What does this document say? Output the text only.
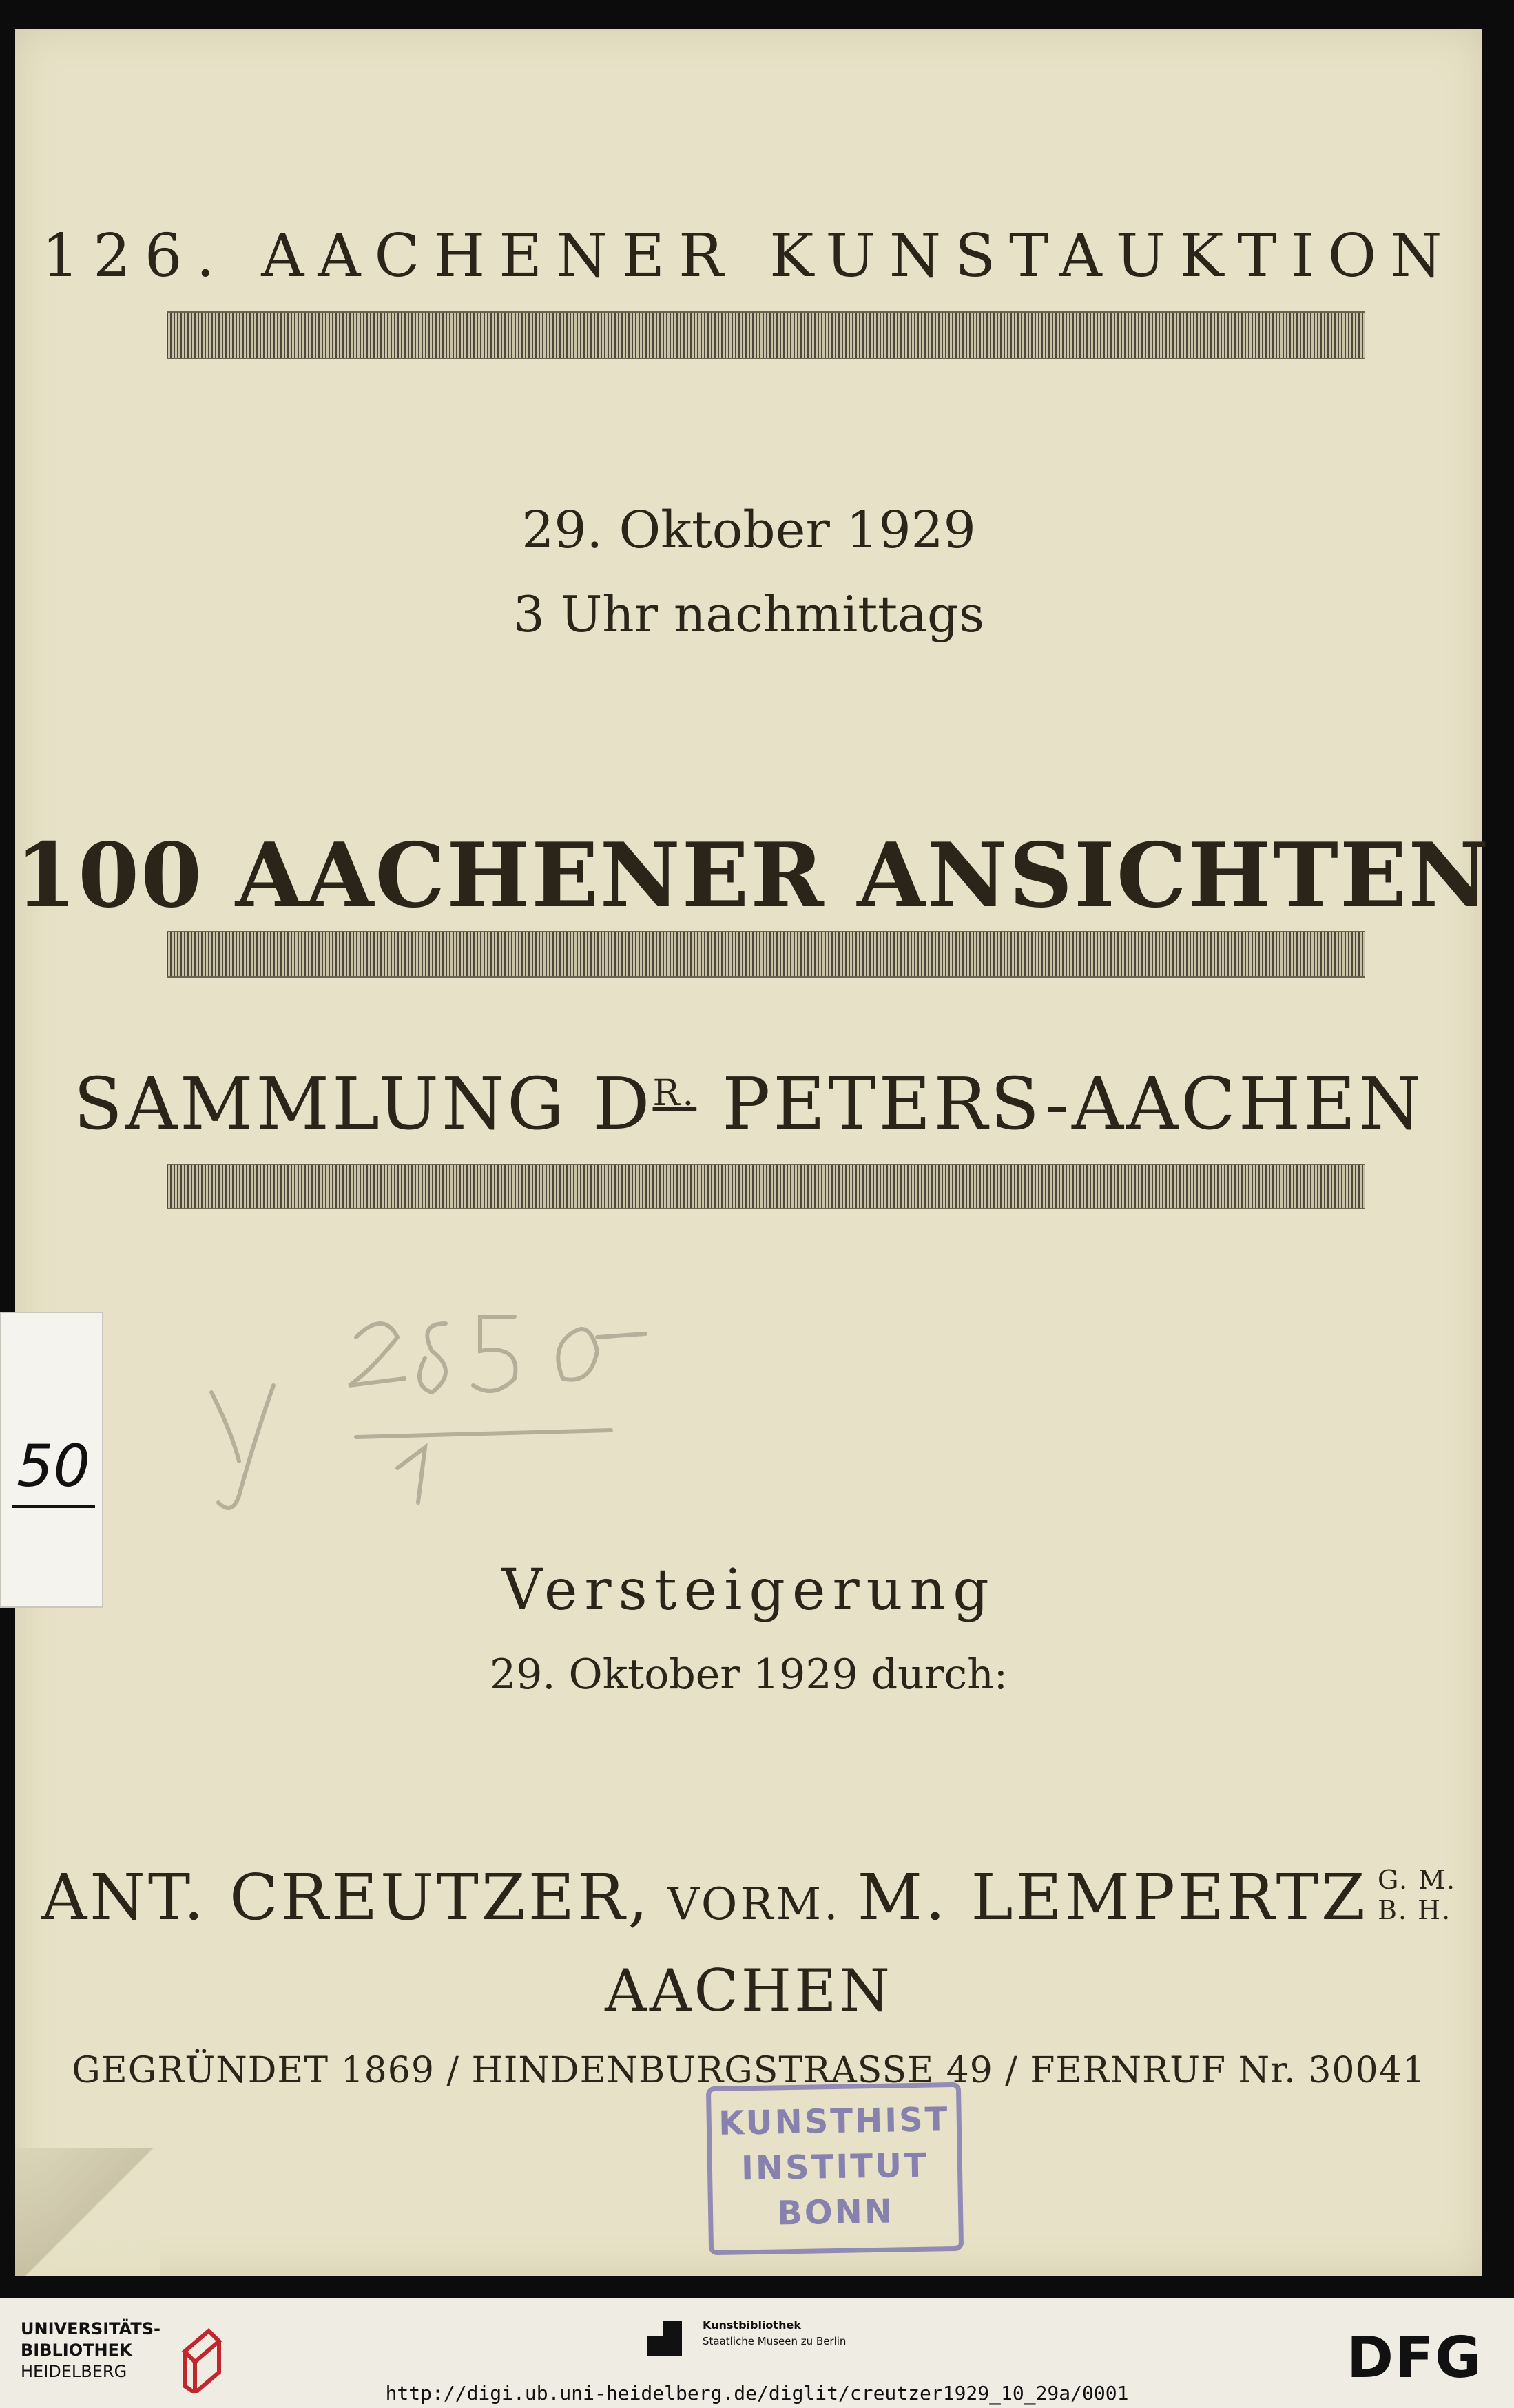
126. AACHENER KUNSTAUKTION
29. Oktober 1929
3 Uhr nachmittags
100 AACHENER ANSICHTEN
SAMMLUNG $D^{R.}$ PETERS-AACHEN
Versteigerung
29. Oktober 1929 durch:
ANT. CREUTZER, VORM. M. LEMPERTZ G. M.
B. H.
AACHEN
GEGRÜNDET 1869 / HINDENBURGSTRASSE 49 / FERNRUF Nr. 30041
KUNSTHIST
INSTITUT
BONN
50
UNIVERSITÄTS-
BIBLIOTHEK
HEIDELBERG
Kunstbibliothek
Staatliche Museen zu Berlin	DFG
http://digi.ub.uni-heidelberg.de/diglit/creutzer1929_10_29a/0001
